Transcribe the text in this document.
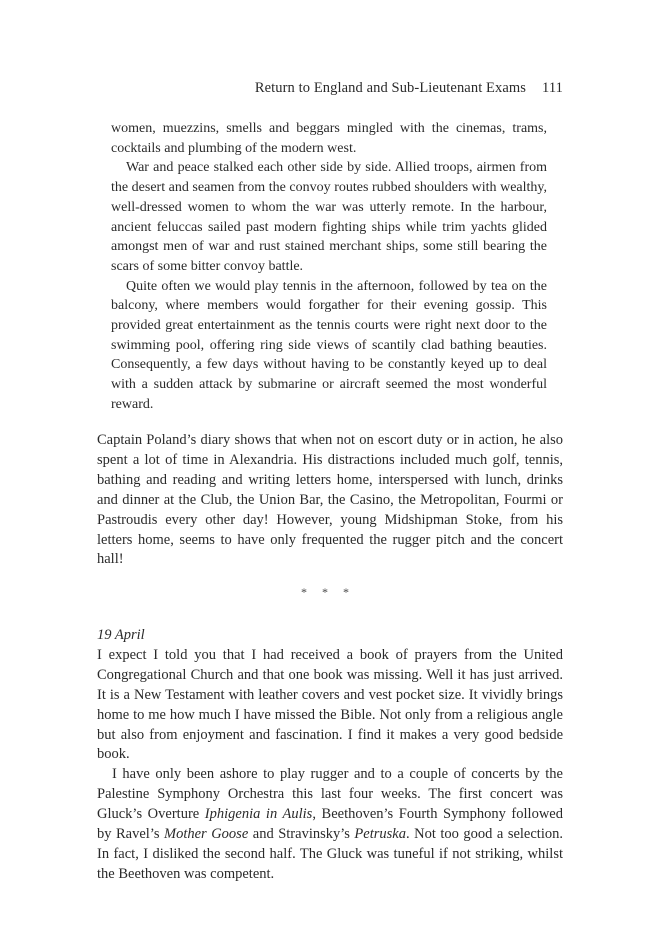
Return to England and Sub-Lieutenant Exams 111

women, muezzins, smells and beggars mingled with the cinemas, trams, cocktails and plumbing of the modern west.

War and peace stalked each other side by side. Allied troops, airmen from the desert and seamen from the convoy routes rubbed shoulders with wealthy, well-dressed women to whom the war was utterly remote. In the harbour, ancient feluccas sailed past modern fighting ships while trim yachts glided amongst men of war and rust stained merchant ships, some still bearing the scars of some bitter convoy battle.

Quite often we would play tennis in the afternoon, followed by tea on the balcony, where members would forgather for their evening gossip. This provided great entertainment as the tennis courts were right next door to the swimming pool, offering ring side views of scantily clad bathing beauties. Consequently, a few days without having to be constantly keyed up to deal with a sudden attack by submarine or aircraft seemed the most wonderful reward.

Captain Poland’s diary shows that when not on escort duty or in action, he also spent a lot of time in Alexandria. His distractions included much golf, tennis, bathing and reading and writing letters home, interspersed with lunch, drinks and dinner at the Club, the Union Bar, the Casino, the Metropolitan, Fourmi or Pastroudis every other day! However, young Midshipman Stoke, from his letters home, seems to have only frequented the rugger pitch and the concert hall!

* * *

19 April

I expect I told you that I had received a book of prayers from the United Congregational Church and that one book was missing. Well it has just arrived. It is a New Testament with leather covers and vest pocket size. It vividly brings home to me how much I have missed the Bible. Not only from a religious angle but also from enjoyment and fascination. I find it makes a very good bedside book.

I have only been ashore to play rugger and to a couple of concerts by the Palestine Symphony Orchestra this last four weeks. The first concert was Gluck’s Overture Iphigenia in Aulis, Beethoven’s Fourth Symphony followed by Ravel’s Mother Goose and Stravinsky’s Petruska. Not too good a selection. In fact, I disliked the second half. The Gluck was tuneful if not striking, whilst the Beethoven was competent.
